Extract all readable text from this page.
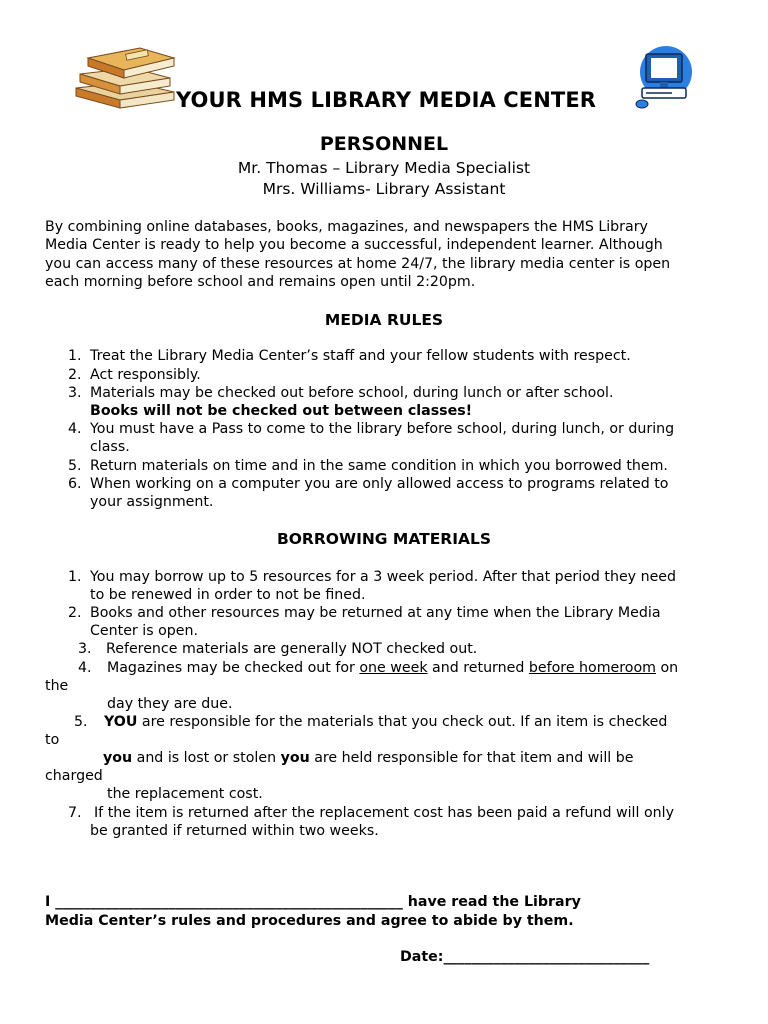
YOUR HMS LIBRARY MEDIA CENTER
PERSONNEL
Mr. Thomas – Library Media Specialist
Mrs. Williams- Library Assistant
By combining online databases, books, magazines, and newspapers the HMS Library
Media Center is ready to help you become a successful, independent learner. Although
you can access many of these resources at home 24/7, the library media center is open
each morning before school and remains open until 2:20pm.
MEDIA RULES
1. Treat the Library Media Center’s staff and your fellow students with respect.
2. Act responsibly.
3. Materials may be checked out before school, during lunch or after school.
Books will not be checked out between classes!
4. You must have a Pass to come to the library before school, during lunch, or during
class.
5. Return materials on time and in the same condition in which you borrowed them.
6. When working on a computer you are only allowed access to programs related to
your assignment.
BORROWING MATERIALS
1. You may borrow up to 5 resources for a 3 week period. After that period they need
to be renewed in order to not be fined.
2. Books and other resources may be returned at any time when the Library Media
Center is open.
3. Reference materials are generally NOT checked out.
4. Magazines may be checked out for one week and returned before homeroom on
the
day they are due.
5. YOU are responsible for the materials that you check out. If an item is checked
to
you and is lost or stolen you are held responsible for that item and will be
charged
the replacement cost.
7. If the item is returned after the replacement cost has been paid a refund will only
be granted if returned within two weeks.
I _________________________________________________ have read the Library
Media Center’s rules and procedures and agree to abide by them.
Date:_____________________________
